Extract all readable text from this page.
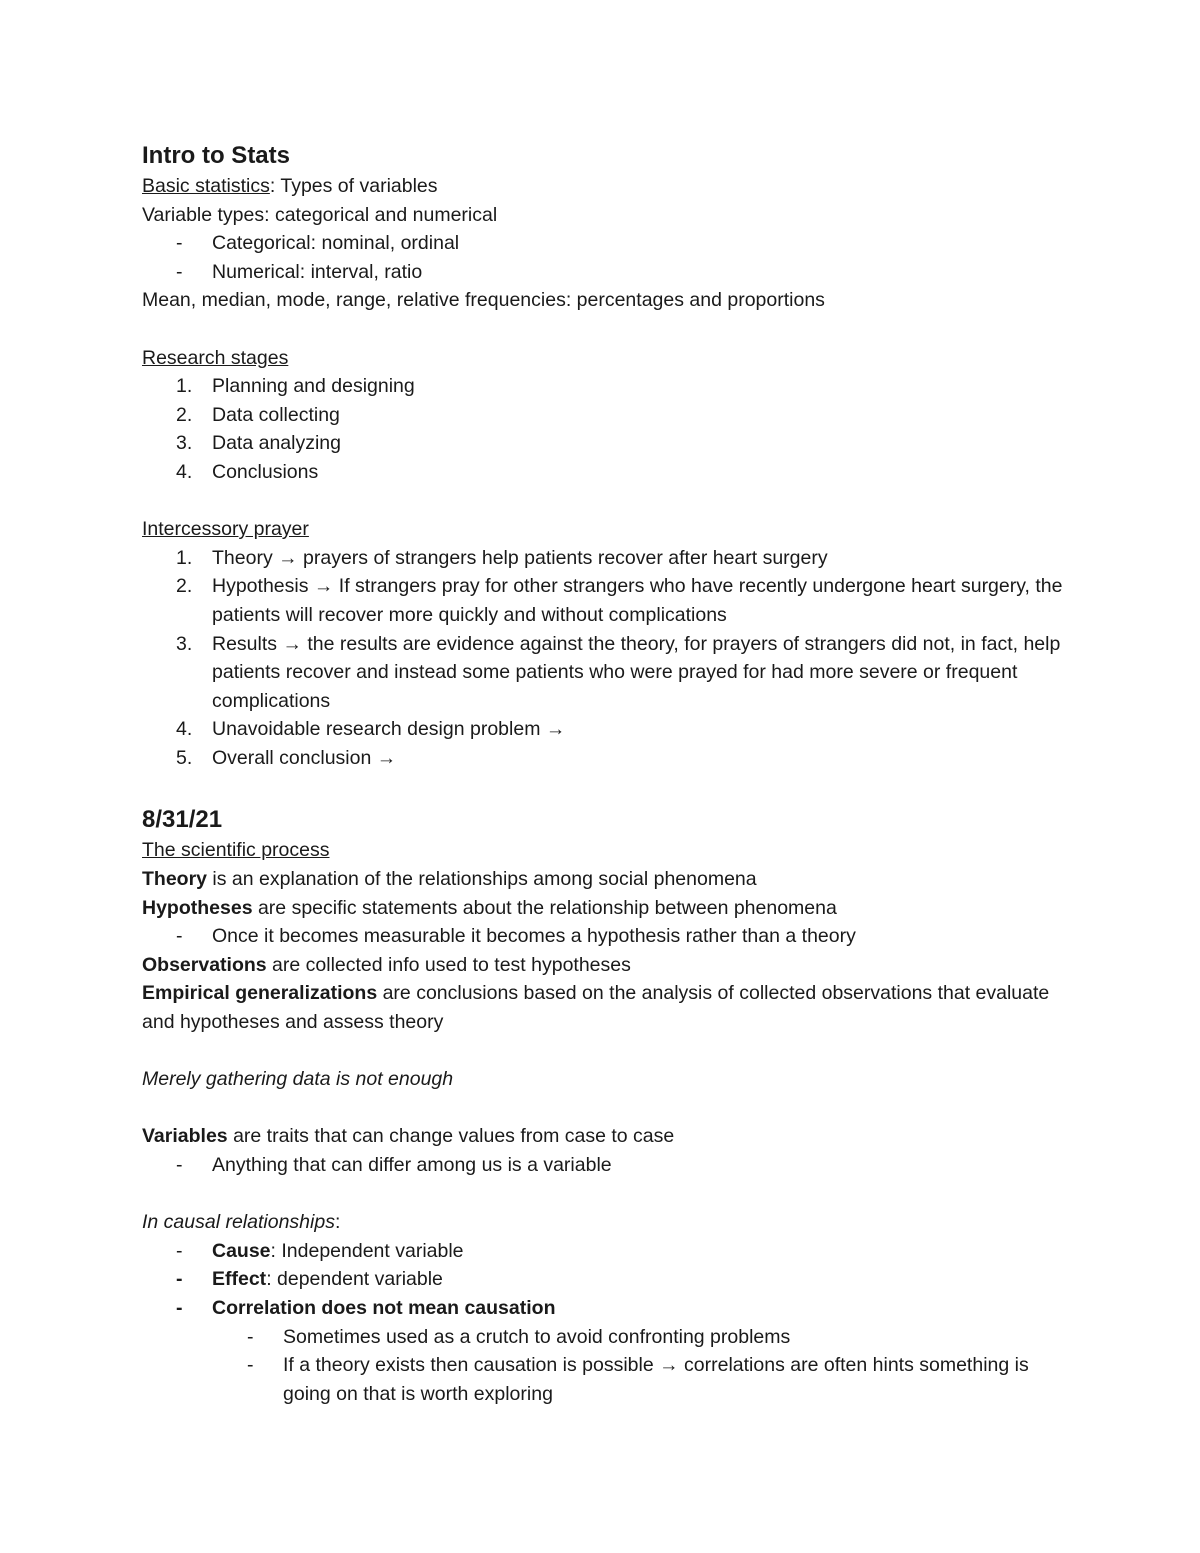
Intro to Stats
Basic statistics: Types of variables
Variable types: categorical and numerical
-	Categorical: nominal, ordinal
-	Numerical: interval, ratio
Mean, median, mode, range, relative frequencies: percentages and proportions
Research stages
1.	Planning and designing
2.	Data collecting
3.	Data analyzing
4.	Conclusions
Intercessory prayer
1.	Theory → prayers of strangers help patients recover after heart surgery
2.	Hypothesis → If strangers pray for other strangers who have recently undergone heart surgery, the patients will recover more quickly and without complications
3.	Results → the results are evidence against the theory, for prayers of strangers did not, in fact, help patients recover and instead some patients who were prayed for had more severe or frequent complications
4.	Unavoidable research design problem →
5.	Overall conclusion →
8/31/21
The scientific process
Theory is an explanation of the relationships among social phenomena
Hypotheses are specific statements about the relationship between phenomena
-	Once it becomes measurable it becomes a hypothesis rather than a theory
Observations are collected info used to test hypotheses
Empirical generalizations are conclusions based on the analysis of collected observations that evaluate and hypotheses and assess theory
Merely gathering data is not enough
Variables are traits that can change values from case to case
-	Anything that can differ among us is a variable
In causal relationships:
-	Cause: Independent variable
-	Effect: dependent variable
-	Correlation does not mean causation
-	Sometimes used as a crutch to avoid confronting problems
-	If a theory exists then causation is possible → correlations are often hints something is going on that is worth exploring
